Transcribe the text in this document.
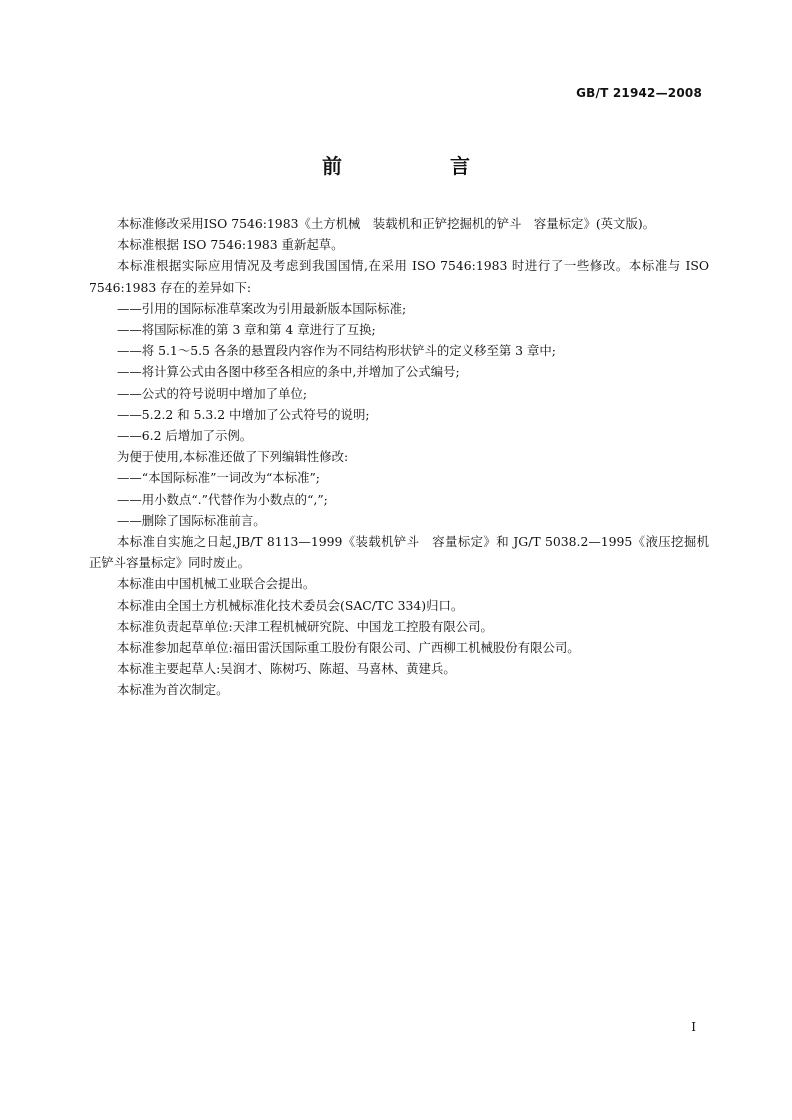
GB/T 21942—2008
前　言

本标准修改采用ISO 7546:1983《土方机械　装载机和正铲挖掘机的铲斗　容量标定》(英文版)。

本标准根据 ISO 7546:1983 重新起草。

本标准根据实际应用情况及考虑到我国国情,在采用 ISO 7546:1983 时进行了一些修改。本标准与 ISO 7546:1983 存在的差异如下:

——引用的国际标准草案改为引用最新版本国际标准;

——将国际标准的第 3 章和第 4 章进行了互换;

——将 5.1～5.5 各条的悬置段内容作为不同结构形状铲斗的定义移至第 3 章中;

——将计算公式由各图中移至各相应的条中,并增加了公式编号;

——公式的符号说明中增加了单位;

——5.2.2 和 5.3.2 中增加了公式符号的说明;

——6.2 后增加了示例。

为便于使用,本标准还做了下列编辑性修改:

——“本国际标准”一词改为“本标准”;

——用小数点“.”代替作为小数点的“,”;

——删除了国际标准前言。

本标准自实施之日起,JB/T 8113—1999《装载机铲斗　容量标定》和 JG/T 5038.2—1995《液压挖掘机　正铲斗容量标定》同时废止。

本标准由中国机械工业联合会提出。

本标准由全国土方机械标准化技术委员会(SAC/TC 334)归口。

本标准负责起草单位:天津工程机械研究院、中国龙工控股有限公司。

本标准参加起草单位:福田雷沃国际重工股份有限公司、广西柳工机械股份有限公司。

本标准主要起草人:吴润才、陈树巧、陈超、马喜林、黄建兵。

本标准为首次制定。

I
